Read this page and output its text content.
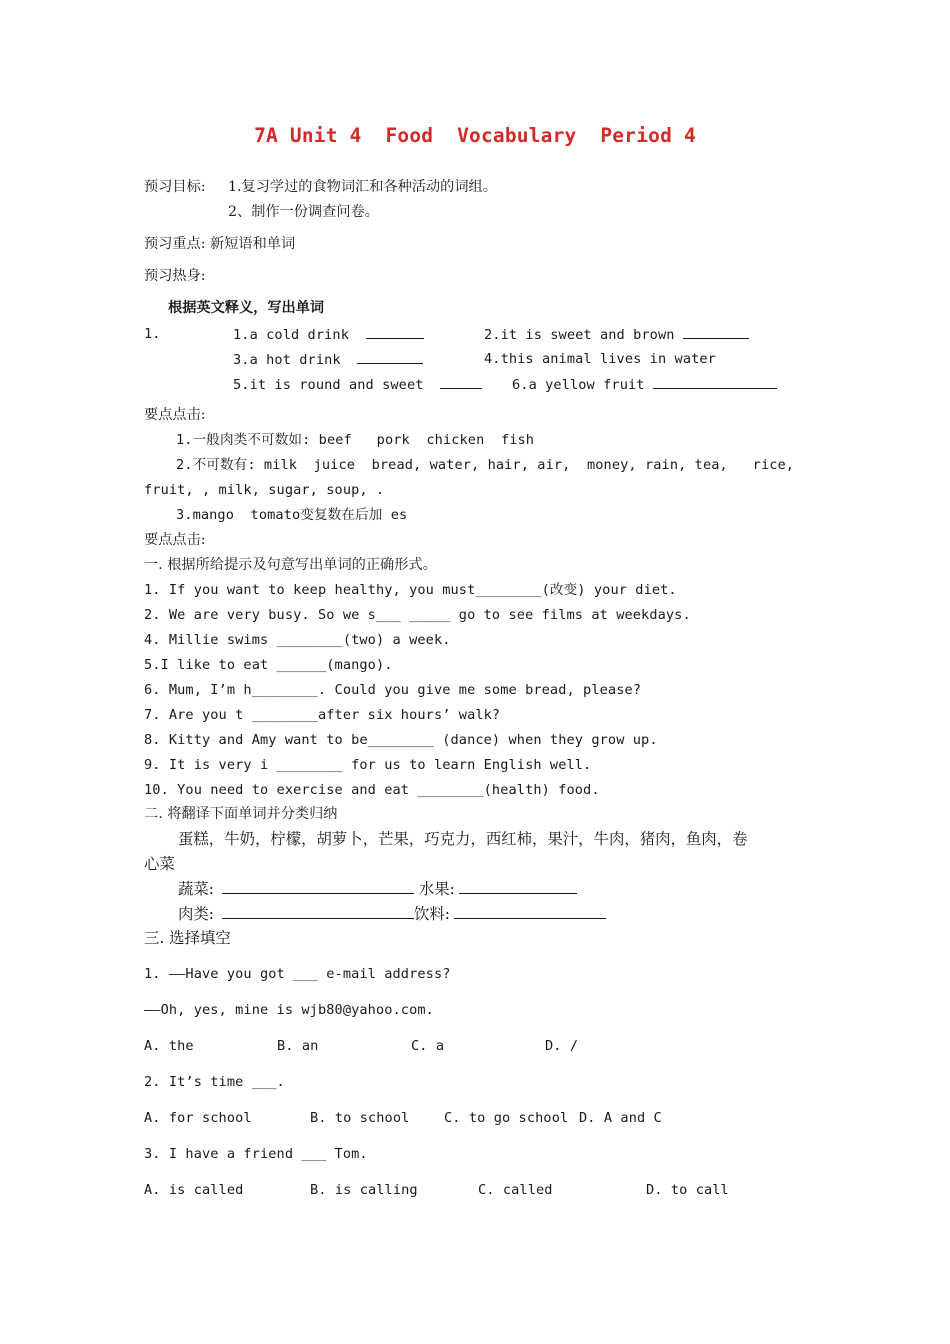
7A Unit 4  Food  Vocabulary  Period 4
预习目标: 1.复习学过的食物词汇和各种活动的词组。
2、制作一份调查问卷。
预习重点: 新短语和单词
预习热身:
根据英文释义，写出单词
1.	1.a cold drink	2.it is sweet and brown
3.a hot drink	4.this animal lives in water
5.it is round and sweet	6.a yellow fruit
要点点击:
1.一般肉类不可数如: beef   pork  chicken  fish
2.不可数有: milk  juice  bread, water, hair, air,  money, rain, tea,   rice,
fruit, , milk, sugar, soup, .
3.mango  tomato变复数在后加 es
要点点击:
一. 根据所给提示及句意写出单词的正确形式。
1. If you want to keep healthy, you must________(改变) your diet.
2. We are very busy. So we s___ _____ go to see films at weekdays.
4. Millie swims ________(two) a week.
5.I like to eat ______(mango).
6. Mum, I’m h________. Could you give me some bread, please?
7. Are you t ________after six hours’ walk?
8. Kitty and Amy want to be________ (dance) when they grow up.
9. It is very i ________ for us to learn English well.
10. You need to exercise and eat ________(health) food.
二. 将翻译下面单词并分类归纳
蛋糕，牛奶，柠檬，胡萝卜，芒果，巧克力，西红柿，果汁，牛肉，猪肉，鱼肉，卷
心菜
蔬菜:	水果:
肉类:	饮料:
三. 选择填空
1. ——Have you got ___ e-mail address?
——Oh, yes, mine is wjb80@yahoo.com.
A. the	B. an	C. a	D. /
2. It’s time ___.
A. for school	B. to school	C. to go school D. A and C
3. I have a friend ___ Tom.
A. is called	B. is calling	C. called	D. to call
